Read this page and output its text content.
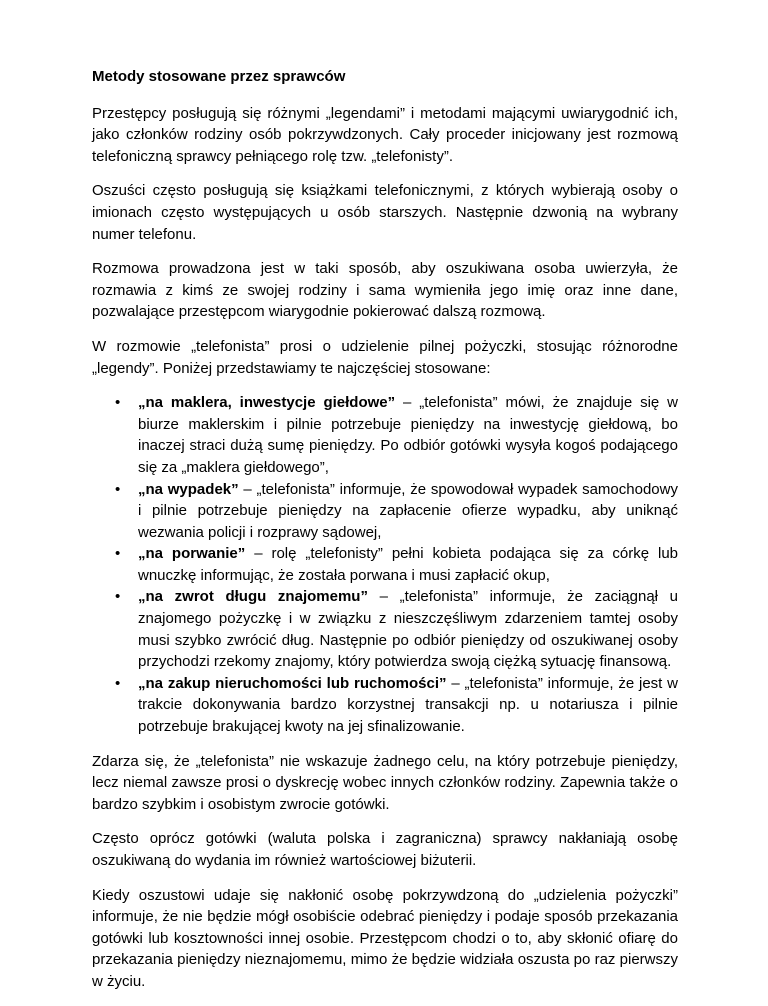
Metody stosowane przez sprawców

Przestępcy posługują się różnymi „legendami” i metodami mającymi uwiarygodnić ich, jako członków rodziny osób pokrzywdzonych. Cały proceder inicjowany jest rozmową telefoniczną sprawcy pełniącego rolę tzw. „telefonisty”.

Oszuści często posługują się książkami telefonicznymi, z których wybierają osoby o imionach często występujących u osób starszych. Następnie dzwonią na wybrany numer telefonu.

Rozmowa prowadzona jest w taki sposób, aby oszukiwana osoba uwierzyła, że rozmawia z kimś ze swojej rodziny i sama wymieniła jego imię oraz inne dane, pozwalające przestępcom wiarygodnie pokierować dalszą rozmową.

W rozmowie „telefonista” prosi o udzielenie pilnej pożyczki, stosując różnorodne „legendy”. Poniżej przedstawiamy te najczęściej stosowane:

• „na maklera, inwestycje giełdowe” – „telefonista” mówi, że znajduje się w biurze maklerskim i pilnie potrzebuje pieniędzy na inwestycję giełdową, bo inaczej straci dużą sumę pieniędzy. Po odbiór gotówki wysyła kogoś podającego się za „maklera giełdowego”,
• „na wypadek” – „telefonista” informuje, że spowodował wypadek samochodowy i pilnie potrzebuje pieniędzy na zapłacenie ofierze wypadku, aby uniknąć wezwania policji i rozprawy sądowej,
• „na porwanie” – rolę „telefonisty” pełni kobieta podająca się za córkę lub wnuczkę informując, że została porwana i musi zapłacić okup,
• „na zwrot długu znajomemu” – „telefonista” informuje, że zaciągnął u znajomego pożyczkę i w związku z nieszczęśliwym zdarzeniem tamtej osoby musi szybko zwrócić dług. Następnie po odbiór pieniędzy od oszukiwanej osoby przychodzi rzekomy znajomy, który potwierdza swoją ciężką sytuację finansową.
• „na zakup nieruchomości lub ruchomości” – „telefonista” informuje, że jest w trakcie dokonywania bardzo korzystnej transakcji np. u notariusza i pilnie potrzebuje brakującej kwoty na jej sfinalizowanie.

Zdarza się, że „telefonista” nie wskazuje żadnego celu, na który potrzebuje pieniędzy, lecz niemal zawsze prosi o dyskrecję wobec innych członków rodziny. Zapewnia także o bardzo szybkim i osobistym zwrocie gotówki.

Często oprócz gotówki (waluta polska i zagraniczna) sprawcy nakłaniają osobę oszukiwaną do wydania im również wartościowej biżuterii.

Kiedy oszustowi udaje się nakłonić osobę pokrzywdzoną do „udzielenia pożyczki” informuje, że nie będzie mógł osobiście odebrać pieniędzy i podaje sposób przekazania gotówki lub kosztowności innej osobie. Przestępcom chodzi o to, aby skłonić ofiarę do przekazania pieniędzy nieznajomemu, mimo że będzie widziała oszusta po raz pierwszy w życiu.
